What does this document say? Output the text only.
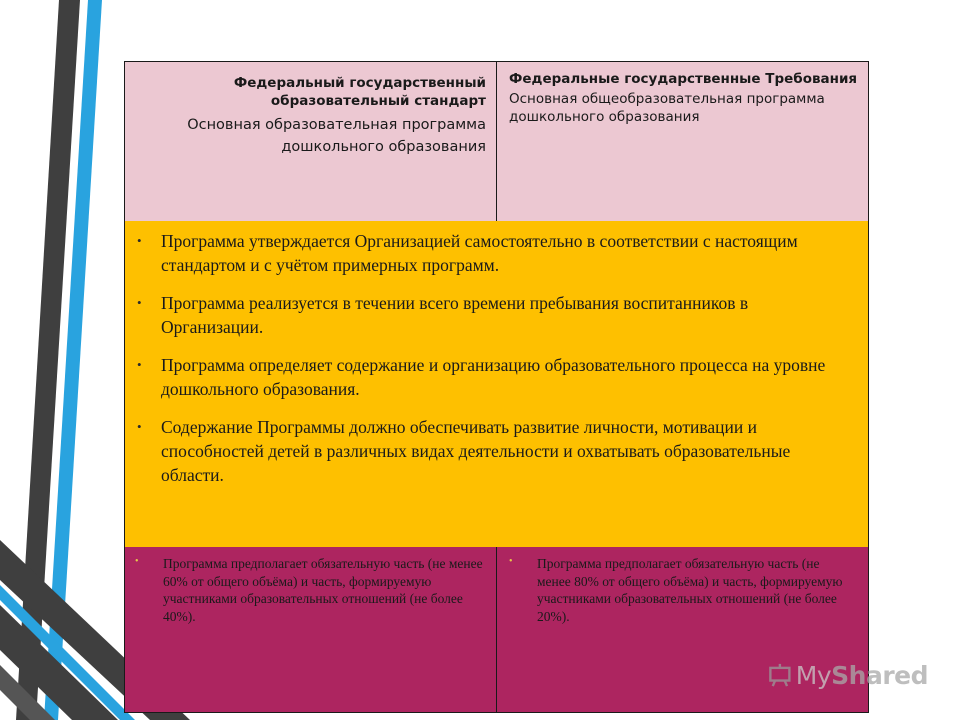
Федеральный государственный образовательный стандарт
Основная образовательная программа дошкольного образования
Федеральные государственные Требования
Основная общеобразовательная программа дошкольного образования
• Программа утверждается Организацией самостоятельно в соответствии с настоящим стандартом и с учётом примерных программ.
• Программа реализуется в течении всего времени пребывания воспитанников в Организации.
• Программа определяет содержание и организацию образовательного процесса на уровне дошкольного образования.
• Содержание Программы должно обеспечивать развитие личности, мотивации и способностей детей в различных видах деятельности и охватывать образовательные области.
• Программа предполагает обязательную часть (не менее 60% от общего объёма) и часть, формируемую участниками образовательных отношений (не более 40%).
• Программа предполагает обязательную часть (не менее 80% от общего объёма) и часть, формируемую участниками образовательных отношений (не более 20%).
MyShared
